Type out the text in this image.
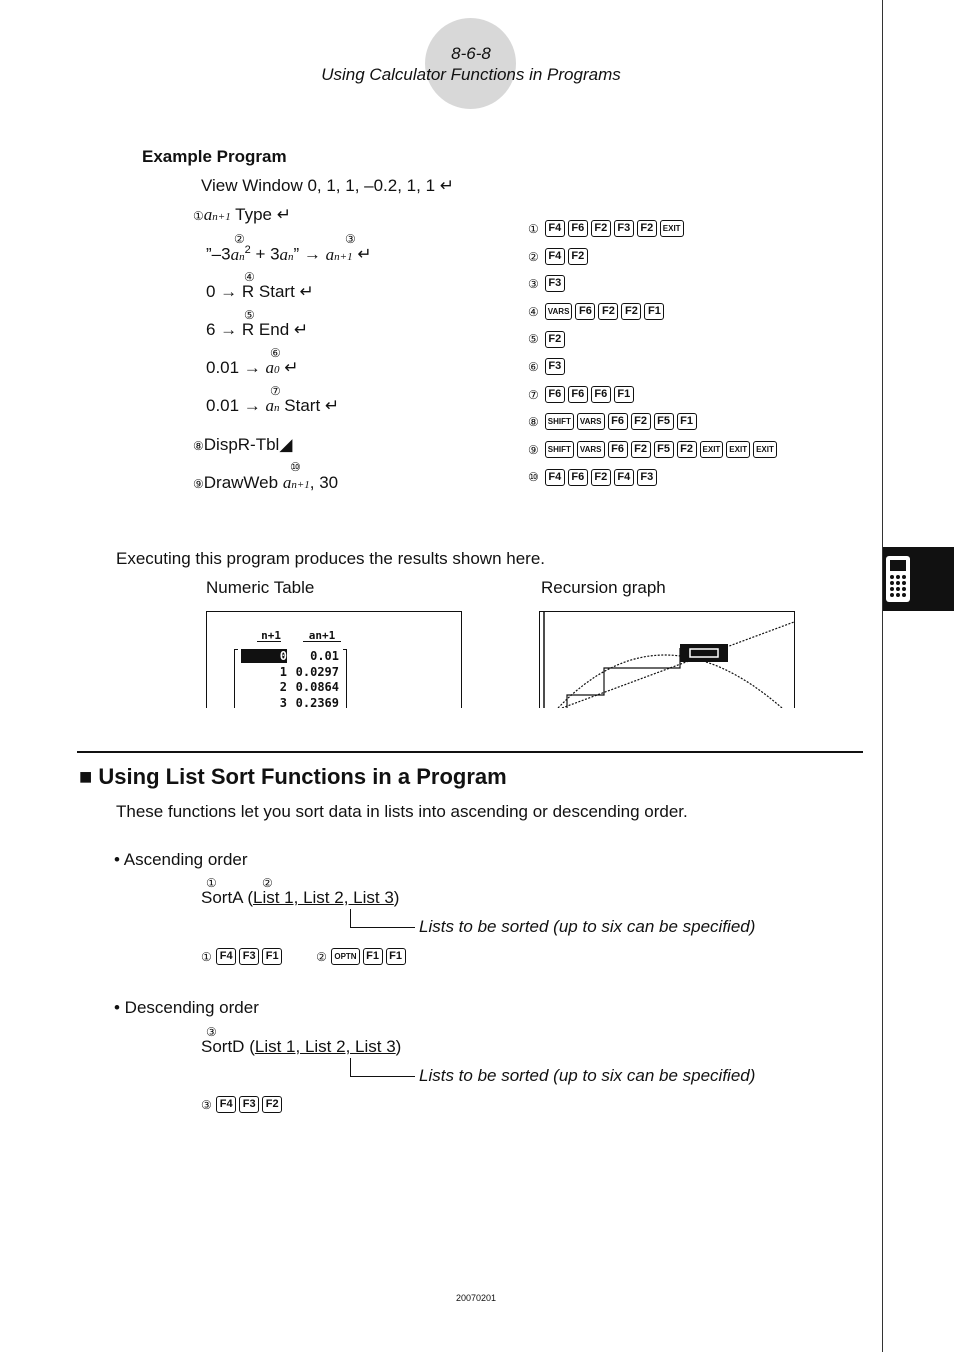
8-6-8
Using Calculator Functions in Programs
Example Program
View Window 0, 1, 1, –0.2, 1, 1 ↵
①an+1 Type ↵
②	③
$”-3an^2 + 3an$” → an+1 ↵
④
0 → R Start ↵
⑤
6 → R End ↵
⑥
0.01 → a0 ↵
⑦
0.01 → an Start ↵
⑧DispR-Tbl◢
⑩
⑨DrawWeb an+1, 30
① F4 F6 F2 F3 F2 EXIT
② F4 F2
③ F3
④ VARS F6 F2 F2 F1
⑤ F2
⑥ F3
⑦ F6 F6 F6 F1
⑧ SHIFT VARS F6 F2 F5 F1
⑨ SHIFT VARS F6 F2 F5 F2 EXIT EXIT EXIT
⑩ F4 F6 F2 F4 F3
Executing this program produces the results shown here.
Numeric Table	Recursion graph
n+1	an+1
0 0.01
1 0.0297
2 0.0864
3 0.2369
■ Using List Sort Functions in a Program
These functions let you sort data in lists into ascending or descending order.
• Ascending order
①	②
SortA (List 1, List 2, List 3)
Lists to be sorted (up to six can be specified)
① F4 F3 F1	② OPTN F1 F1
• Descending order
③
SortD (List 1, List 2, List 3)
Lists to be sorted (up to six can be specified)
③ F4 F3 F2
20070201
